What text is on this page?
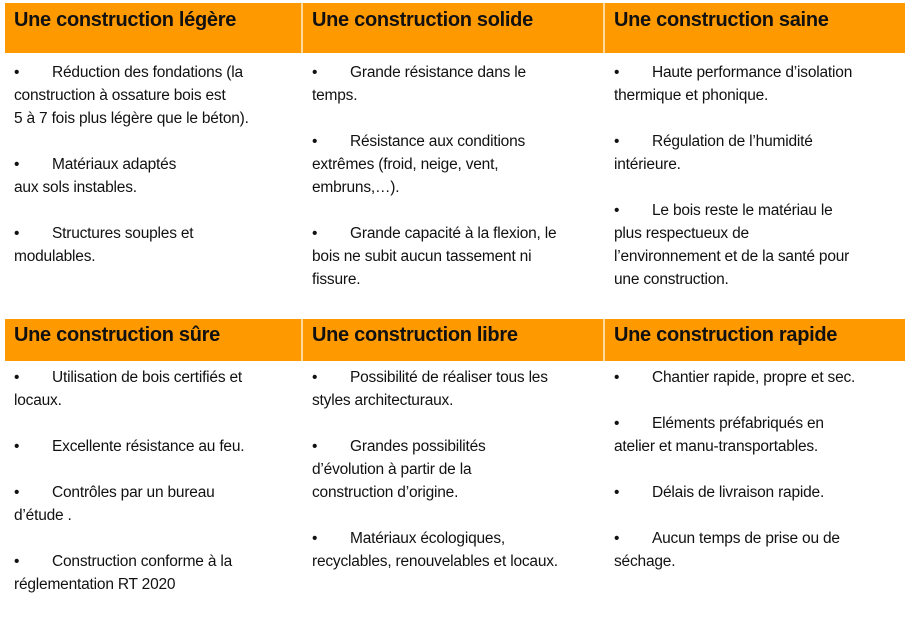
Une construction légère
• Réduction des fondations (la
construction à ossature bois est
5 à 7 fois plus légère que le béton).
• Matériaux adaptés
aux sols instables.
• Structures souples et
modulables.
Une construction solide
• Grande résistance dans le
temps.
• Résistance aux conditions
extrêmes (froid, neige, vent,
embruns,…).
• Grande capacité à la flexion, le
bois ne subit aucun tassement ni
fissure.
Une construction saine
• Haute performance d’isolation
thermique et phonique.
• Régulation de l’humidité
intérieure.
• Le bois reste le matériau le
plus respectueux de
l’environnement et de la santé pour
une construction.
Une construction sûre
• Utilisation de bois certifiés et
locaux.
• Excellente résistance au feu.
• Contrôles par un bureau
d’étude .
• Construction conforme à la
réglementation RT 2020
Une construction libre
• Possibilité de réaliser tous les
styles architecturaux.
• Grandes possibilités
d’évolution à partir de la
construction d’origine.
• Matériaux écologiques,
recyclables, renouvelables et locaux.
Une construction rapide
• Chantier rapide, propre et sec.
• Eléments préfabriqués en
atelier et manu-transportables.
• Délais de livraison rapide.
• Aucun temps de prise ou de
séchage.
